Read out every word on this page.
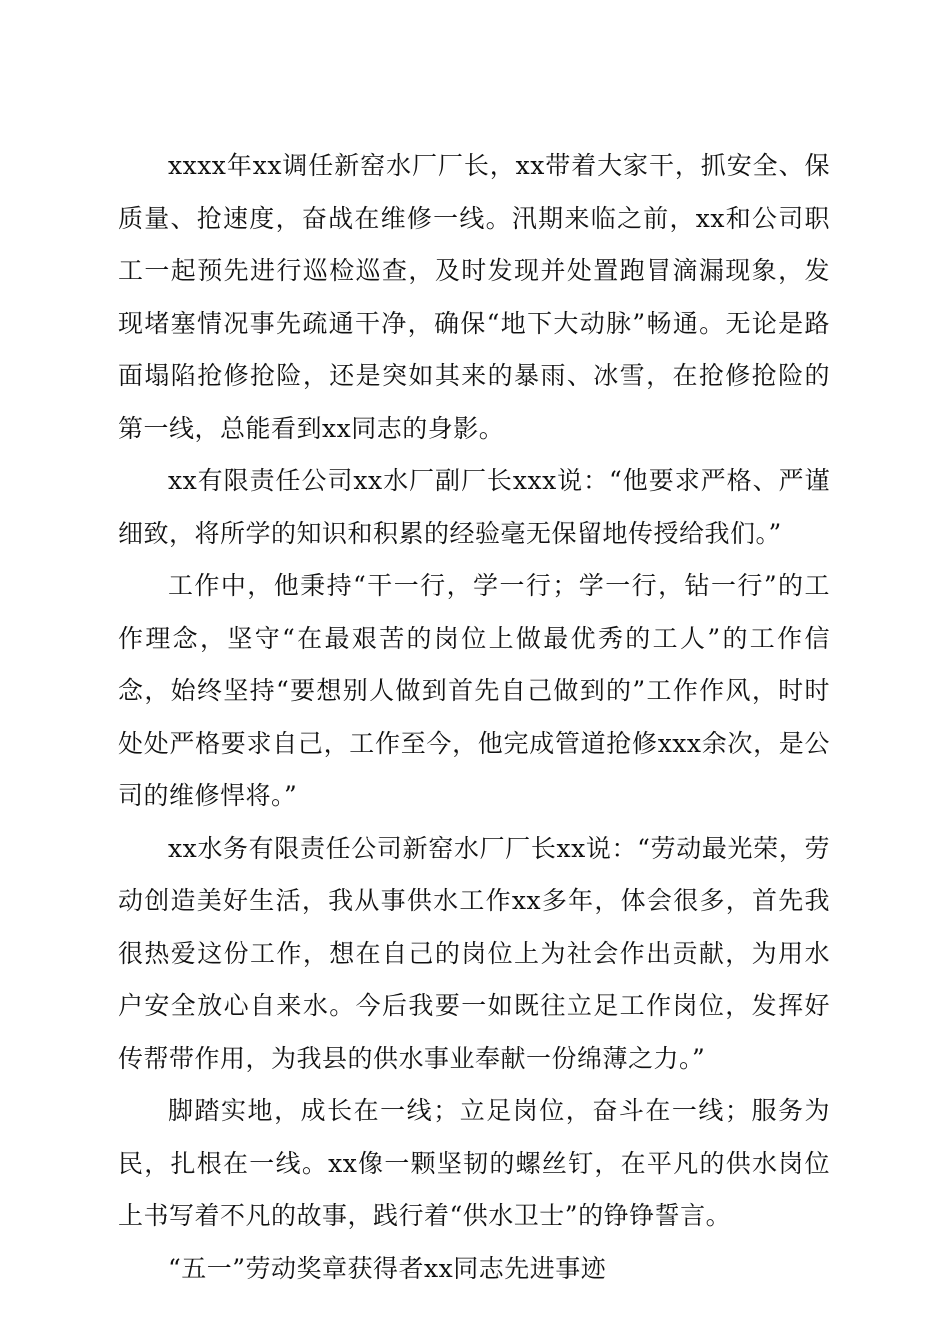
xxxx年xx调任新窑水厂厂长，xx带着大家干，抓安全、保质量、抢速度，奋战在维修一线。汛期来临之前，xx和公司职工一起预先进行巡检巡查，及时发现并处置跑冒滴漏现象，发现堵塞情况事先疏通干净，确保“地下大动脉”畅通。无论是路面塌陷抢修抢险，还是突如其来的暴雨、冰雪，在抢修抢险的第一线，总能看到xx同志的身影。

xx有限责任公司xx水厂副厂长xxx说：“他要求严格、严谨细致，将所学的知识和积累的经验毫无保留地传授给我们。”

工作中，他秉持“干一行，学一行；学一行，钻一行”的工作理念，坚守“在最艰苦的岗位上做最优秀的工人”的工作信念，始终坚持“要想别人做到首先自己做到的”工作作风，时时处处严格要求自己，工作至今，他完成管道抢修xxx余次，是公司的维修悍将。”

xx水务有限责任公司新窑水厂厂长xx说：“劳动最光荣，劳动创造美好生活，我从事供水工作xx多年，体会很多，首先我很热爱这份工作，想在自己的岗位上为社会作出贡献，为用水户安全放心自来水。今后我要一如既往立足工作岗位，发挥好传帮带作用，为我县的供水事业奉献一份绵薄之力。”

脚踏实地，成长在一线；立足岗位，奋斗在一线；服务为民，扎根在一线。xx像一颗坚韧的螺丝钉，在平凡的供水岗位上书写着不凡的故事，践行着“供水卫士”的铮铮誓言。

“五一”劳动奖章获得者xx同志先进事迹
